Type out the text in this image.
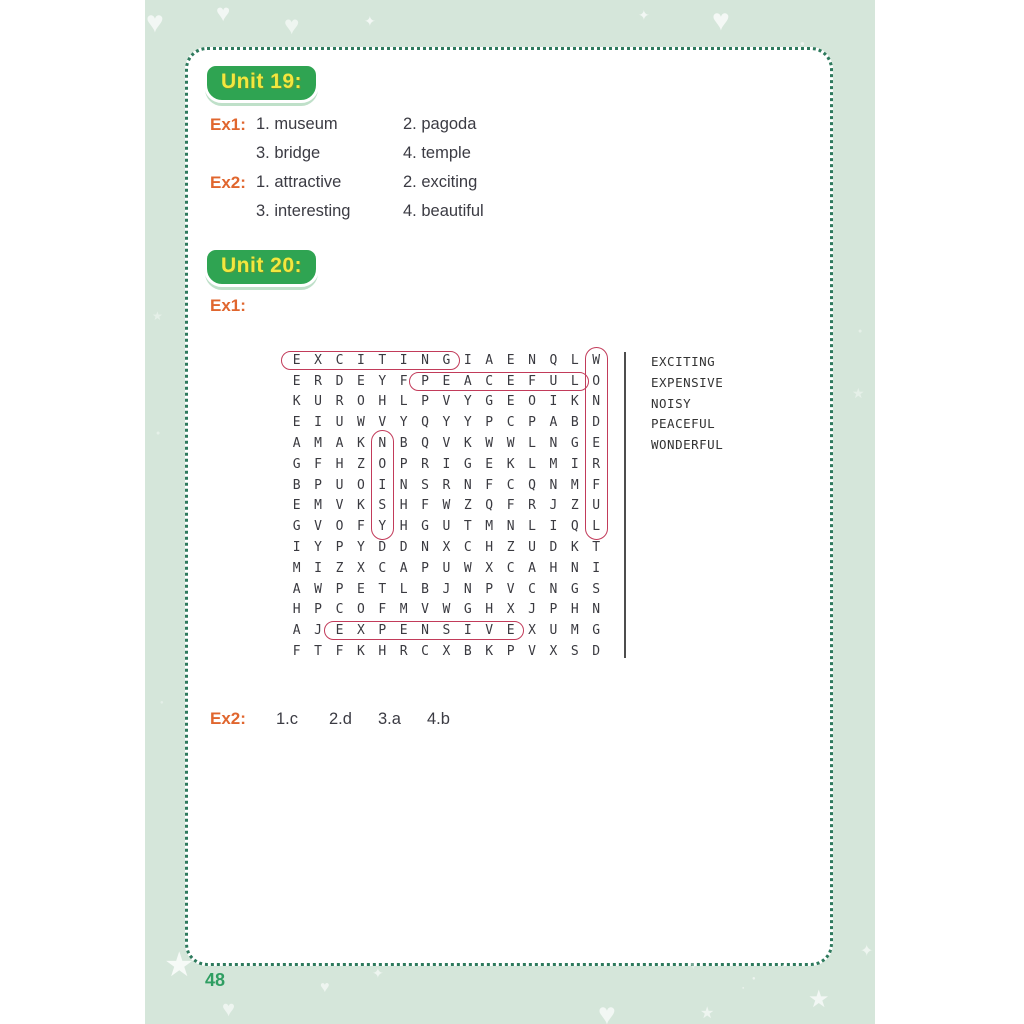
Unit 19:
Ex1: 1. museum	2. pagoda
3. bridge	4. temple
Ex2: 1. attractive	2. exciting
3. interesting	4. beautiful
Unit 20:
Ex1:
E	X	C	I	T	I	N	G	I	A	E	N	Q	L	W
E	R	D	E	Y	F	P	E	A	C	E	F	U	L	O
K	U	R	O	H	L	P	V	Y	G	E	O	I	K	N
E	I	U	W	V	Y	Q	Y	Y	P	C	P	A	B	D
A	M	A	K	N	B	Q	V	K	W	W	L	N	G	E
G	F	H	Z	O	P	R	I	G	E	K	L	M	I	R
B	P	U	O	I	N	S	R	N	F	C	Q	N	M	F
E	M	V	K	S	H	F	W	Z	Q	F	R	J	Z	U
G	V	O	F	Y	H	G	U	T	M	N	L	I	Q	L
I	Y	P	Y	D	D	N	X	C	H	Z	U	D	K	T
M	I	Z	X	C	A	P	U	W	X	C	A	H	N	I
A	W	P	E	T	L	B	J	N	P	V	C	N	G	S
H	P	C	O	F	M	V	W	G	H	X	J	P	H	N
A	J	E	X	P	E	N	S	I	V	E	X	U	M	G
F	T	F	K	H	R	C	X	B	K	P	V	X	S	D
EXCITING
EXPENSIVE
NOISY
PEACEFUL
WONDERFUL
Ex2: 1.c 2.d 3.a 4.b
48
♥ ♥ ♥	✦	✦ ♥
●
★
●
★
●
●
★	✦
♥
♥	♥	★
★
✦
♥
●
●
●
